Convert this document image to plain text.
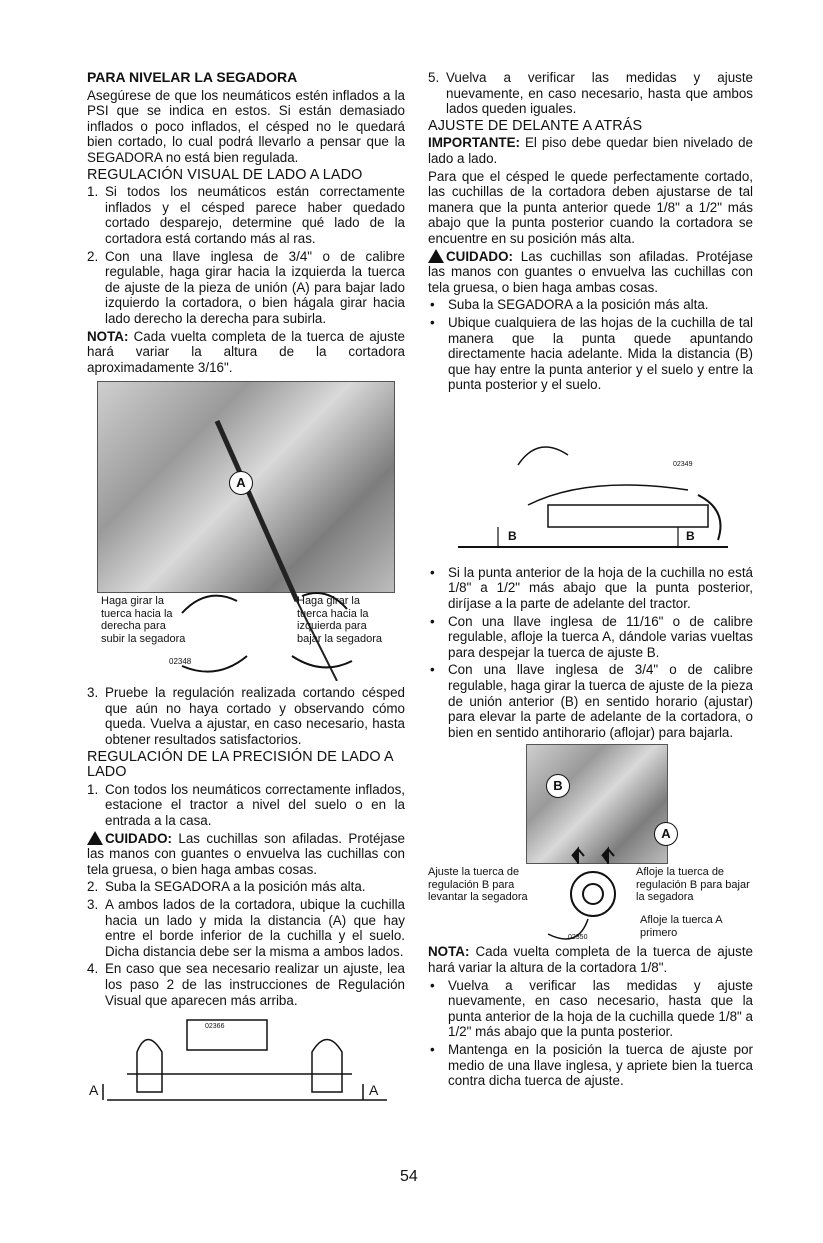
PARA NIVELAR LA SEGADORA

Asegúrese de que los neumáticos estén inflados a la PSI que se indica en estos. Si están demasiado inflados o poco inflados, el césped no le quedará bien cortado, lo cual podrá llevarlo a pensar que la SEGADORA no está bien regulada.

REGULACIÓN VISUAL DE LADO A LADO
1. Si todos los neumáticos están correctamente inflados y el césped parece haber quedado cortado desparejo, determine qué lado de la cortadora está cortando más al ras.
2. Con una llave inglesa de 3/4" o de calibre regulable, haga girar hacia la izquierda la tuerca de ajuste de la pieza de unión (A) para bajar lado izquierdo la cortadora, o bien hágala girar hacia lado derecho la derecha para subirla.

NOTA: Cada vuelta completa de la tuerca de ajuste hará variar la altura de la cortadora aproximadamente 3/16".

A
Haga girar la tuerca hacia la derecha para subir la segadora
Haga girar la tuerca hacia la izquierda para bajar la segadora
02348
3. Pruebe la regulación realizada cortando césped que aún no haya cortado y observando cómo queda. Vuelva a ajustar, en caso necesario, hasta obtener resultados satisfactorios.
REGULACIÓN DE LA PRECISIÓN DE LADO A LADO
1. Con todos los neumáticos correctamente inflados, estacione el tractor a nivel del suelo o en la entrada a la casa.

CUIDADO: Las cuchillas son afiladas. Protéjase las manos con guantes o envuelva las cuchillas con tela gruesa, o bien haga ambas cosas.

2. Suba la SEGADORA a la posición más alta.
3. A ambos lados de la cortadora, ubique la cuchilla hacia un lado y mida la distancia (A) que hay entre el borde inferior de la cuchilla y el suelo. Dicha distancia debe ser la misma a ambos lados.
4. En caso que sea necesario realizar un ajuste, lea los paso 2 de las instrucciones de Regulación Visual que aparecen más arriba.
A	A
02366
5. Vuelva a verificar las medidas y ajuste nuevamente, en caso necesario, hasta que ambos lados queden iguales.
AJUSTE DE DELANTE A ATRÁS

IMPORTANTE: El piso debe quedar bien nivelado de lado a lado.

Para que el césped le quede perfectamente cortado, las cuchillas de la cortadora deben ajustarse de tal manera que la punta anterior quede 1/8" a 1/2" más abajo que la punta posterior cuando la cortadora se encuentre en su posición más alta.

CUIDADO: Las cuchillas son afiladas. Protéjase las manos con guantes o envuelva las cuchillas con tela gruesa, o bien haga ambas cosas.

• Suba la SEGADORA a la posición más alta.
• Ubique cualquiera de las hojas de la cuchilla de tal manera que la punta quede apuntando directamente hacia adelante. Mida la distancia (B) que hay entre la punta anterior y el suelo y entre la punta posterior y el suelo.
B	B
02349
• Si la punta anterior de la hoja de la cuchilla no está 1/8" a 1/2" más abajo que la punta posterior, diríjase a la parte de adelante del tractor.
• Con una llave inglesa de 11/16" o de calibre regulable, afloje la tuerca A, dándole varias vueltas para despejar la tuerca de ajuste B.
• Con una llave inglesa de 3/4" o de calibre regulable, haga girar la tuerca de ajuste de la pieza de unión anterior (B) en sentido horario (ajustar) para elevar la parte de adelante de la cortadora, o bien en sentido antihorario (aflojar) para bajarla.
B
A
Ajuste la tuerca de regulación B para levantar la segadora
Afloje la tuerca de regulación B para bajar la segadora
Afloje la tuerca A primero
02350

NOTA: Cada vuelta completa de la tuerca de ajuste hará variar la altura de la cortadora 1/8".

• Vuelva a verificar las medidas y ajuste nuevamente, en caso necesario, hasta que la punta anterior de la hoja de la cuchilla quede 1/8" a 1/2" más abajo que la punta posterior.
• Mantenga en la posición la tuerca de ajuste por medio de una llave inglesa, y apriete bien la tuerca contra dicha tuerca de ajuste.
54
